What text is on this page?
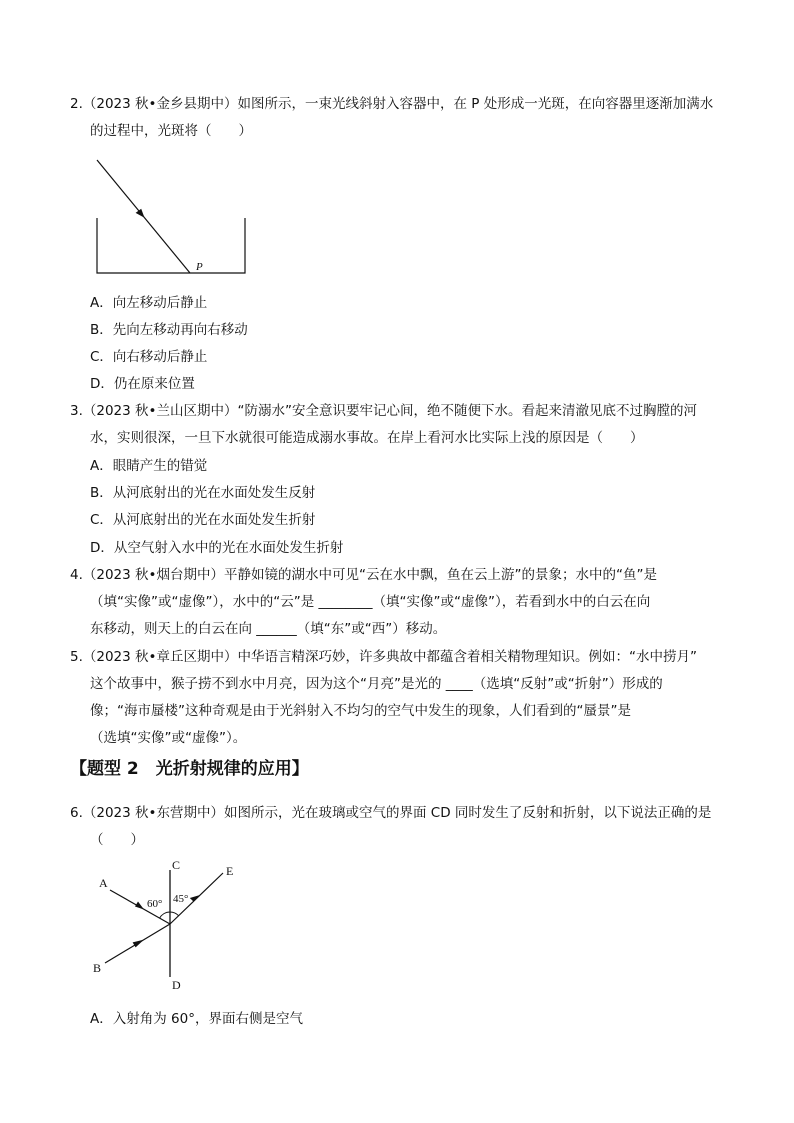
2.（2023 秋•金乡县期中）如图所示，一束光线斜射入容器中，在 P 处形成一光斑，在向容器里逐渐加满水
的过程中，光斑将（　　）
P
A．向左移动后静止
B．先向左移动再向右移动
C．向右移动后静止
D．仍在原来位置
3.（2023 秋•兰山区期中）“防溺水”安全意识要牢记心间，绝不随便下水。看起来清澈见底不过胸膛的河
水，实则很深，一旦下水就很可能造成溺水事故。在岸上看河水比实际上浅的原因是（　　）
A．眼睛产生的错觉
B．从河底射出的光在水面处发生反射
C．从河底射出的光在水面处发生折射
D．从空气射入水中的光在水面处发生折射
4.（2023 秋•烟台期中）平静如镜的湖水中可见“云在水中飘，鱼在云上游”的景象；水中的“鱼”是
（填“实像”或“虚像”），水中的“云”是 ________（填“实像”或“虚像”），若看到水中的白云在向
东移动，则天上的白云在向 ______（填“东”或“西”）移动。
5.（2023 秋•章丘区期中）中华语言精深巧妙，许多典故中都蕴含着相关精物理知识。例如：“水中捞月”
这个故事中，猴子捞不到水中月亮，因为这个“月亮”是光的 ____（选填“反射”或“折射”）形成的
像；“海市蜃楼”这种奇观是由于光斜射入不均匀的空气中发生的现象，人们看到的“蜃景”是
（选填“实像”或“虚像”）。
【题型 2　光折射规律的应用】
6.（2023 秋•东营期中）如图所示，光在玻璃或空气的界面 CD 同时发生了反射和折射，以下说法正确的是
（　　）
C
D
A
B
E
60° 45°
A．入射角为 60°，界面右侧是空气
